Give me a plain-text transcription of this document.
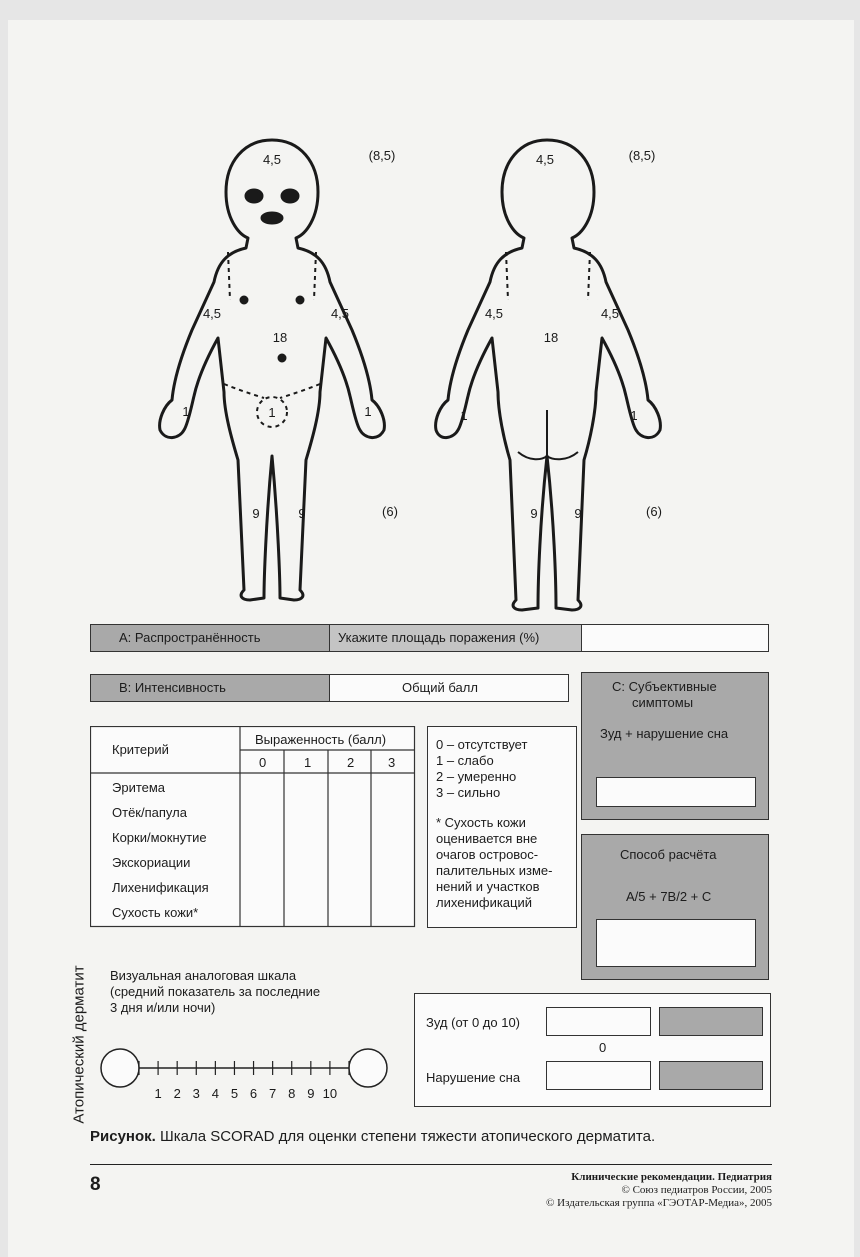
4,5	(8,5)
4,5	4,5
18
1	1
1
9	9	(6)
4,5	(8,5)
4,5	4,5
18
1	1
9	9	(6)
A: Распространённость	Укажите площадь поражения (%)
B: Интенсивность	Общий балл	C: Субъективные
симптомы
Зуд + нарушение сна
Критерий
Выраженность (балл)
0	1	2	3
Эритема
Отёк/папула
Корки/мокнутие
Экскориации
Лихенификация
Сухость кожи*
0 – отсутствует
1 – слабо
2 – умеренно
3 – сильно
* Сухость кожи
оценивается вне
очагов островос-
палительных изме-
нений и участков
лихенификаций
Способ расчёта
A/5 + 7B/2 + C
Визуальная аналоговая шкала
(средний показатель за последние
3 дня и/или ночи)
1 2 3 4 5 6 7 8 9 10
Зуд (от 0 до 10)
0
Нарушение сна
Атопический дерматит
Рисунок. Шкала SCORAD для оценки степени тяжести атопического дерматита.
8	Клинические рекомендации. Педиатрия
© Союз педиатров России, 2005
© Издательская группа «ГЭОТАР-Медиа», 2005
